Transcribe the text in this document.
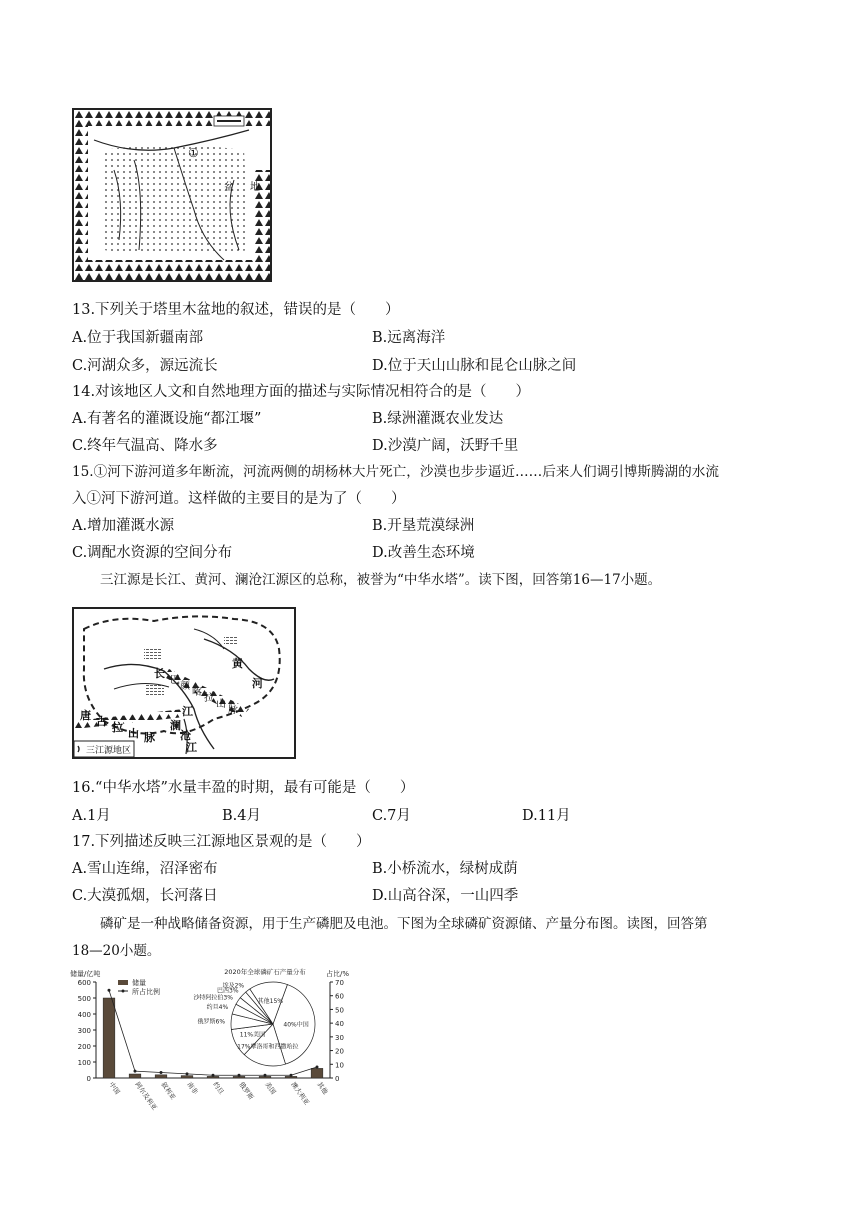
①
盆 地
13.下列关于塔里木盆地的叙述，错误的是（　　）
A.位于我国新疆南部	B.远离海洋
C.河湖众多，源远流长	D.位于天山山脉和昆仑山脉之间
14.对该地区人文和自然地理方面的描述与实际情况相符合的是（　　）
A.有著名的灌溉设施“都江堰”	B.绿洲灌溉农业发达
C.终年气温高、降水多	D.沙漠广阔，沃野千里
15.①河下游河道多年断流，河流两侧的胡杨林大片死亡，沙漠也步步逼近……后来人们调引博斯腾湖的水流
入①河下游河道。这样做的主要目的是为了（　　）
A.增加灌溉水源	B.开垦荒漠绿洲
C.调配水资源的空间分布	D.改善生态环境
三江源是长江、黄河、澜沧江源区的总称，被誉为“中华水塔”。读下图，回答第16—17小题。
三江源地区
黄
河
长
江
澜
沧
江
唐 古 拉 山 脉
巴
颜
喀
拉
山
脉
16.“中华水塔”水量丰盈的时期，最有可能是（　　）
A.1月	B.4月	C.7月	D.11月
17.下列描述反映三江源地区景观的是（　　）
A.雪山连绵，沼泽密布	B.小桥流水，绿树成荫
C.大漠孤烟，长河落日	D.山高谷深，一山四季
磷矿是一种战略储备资源，用于生产磷肥及电池。下图为全球磷矿资源储、产量分布图。读图，回答第
18—20小题。
0
100
200
300
400
500
600
0
10
20
30
40
50
60
70
储量/亿吨	占比/%
储量
所占比例
中国 阿尔及利亚 叙利亚 南非 约旦 俄罗斯 美国 澳大利亚 其他
2020年全球磷矿石产量分布
40%中国
17%摩洛哥和西撒哈拉
11%美国
俄罗斯6%
约旦4%
沙特阿拉伯3%
巴西3%
埃及2%
其他15%
